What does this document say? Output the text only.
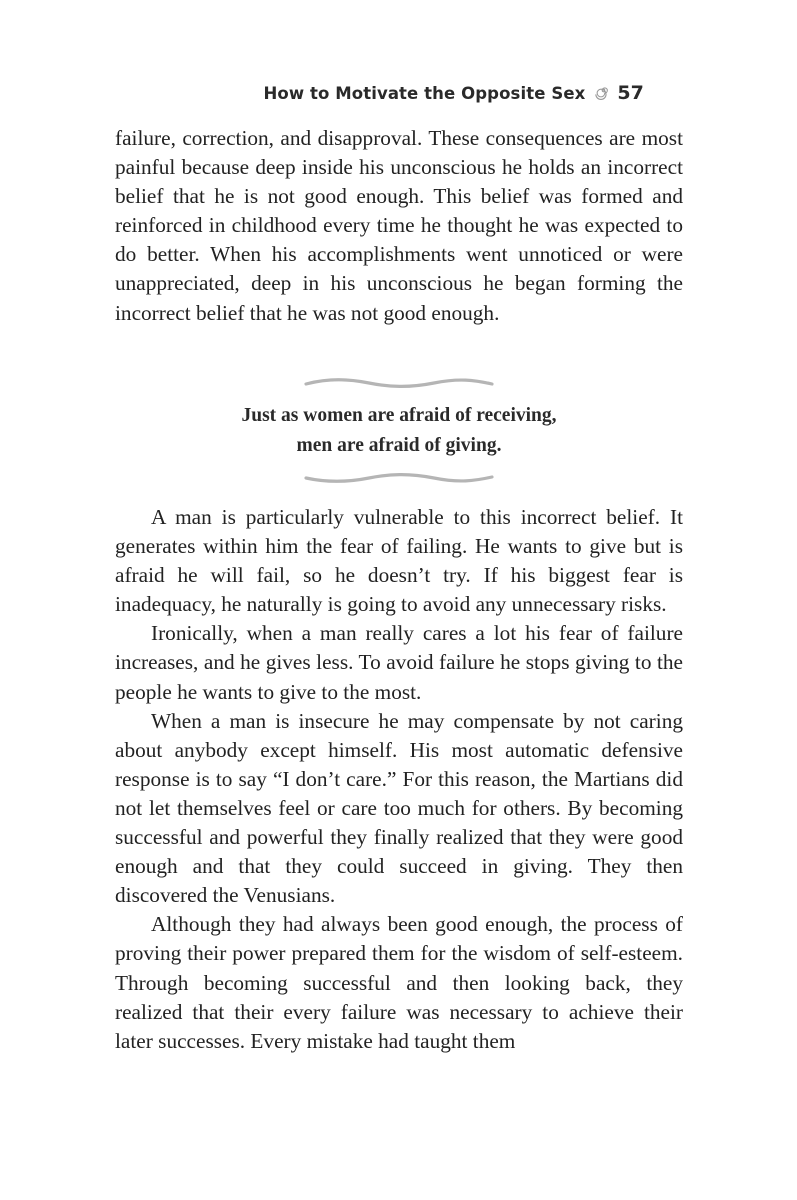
How to Motivate the Opposite Sex 57

failure, correction, and disapproval. These consequences are most painful because deep inside his unconscious he holds an incorrect belief that he is not good enough. This belief was formed and reinforced in childhood every time he thought he was expected to do better. When his accomplishments went unnoticed or were unappreciated, deep in his unconscious he began forming the incorrect belief that he was not good enough.

Just as women are afraid of receiving,
men are afraid of giving.

A man is particularly vulnerable to this incorrect belief. It generates within him the fear of failing. He wants to give but is afraid he will fail, so he doesn’t try. If his biggest fear is inadequacy, he naturally is going to avoid any unnecessary risks.

Ironically, when a man really cares a lot his fear of failure increases, and he gives less. To avoid failure he stops giving to the people he wants to give to the most.

When a man is insecure he may compensate by not caring about anybody except himself. His most automatic defensive response is to say “I don’t care.” For this reason, the Martians did not let themselves feel or care too much for others. By becoming successful and powerful they finally realized that they were good enough and that they could succeed in giving. They then discovered the Venusians.

Although they had always been good enough, the process of proving their power prepared them for the wisdom of self-esteem. Through becoming successful and then looking back, they realized that their every failure was necessary to achieve their later successes. Every mistake had taught them
